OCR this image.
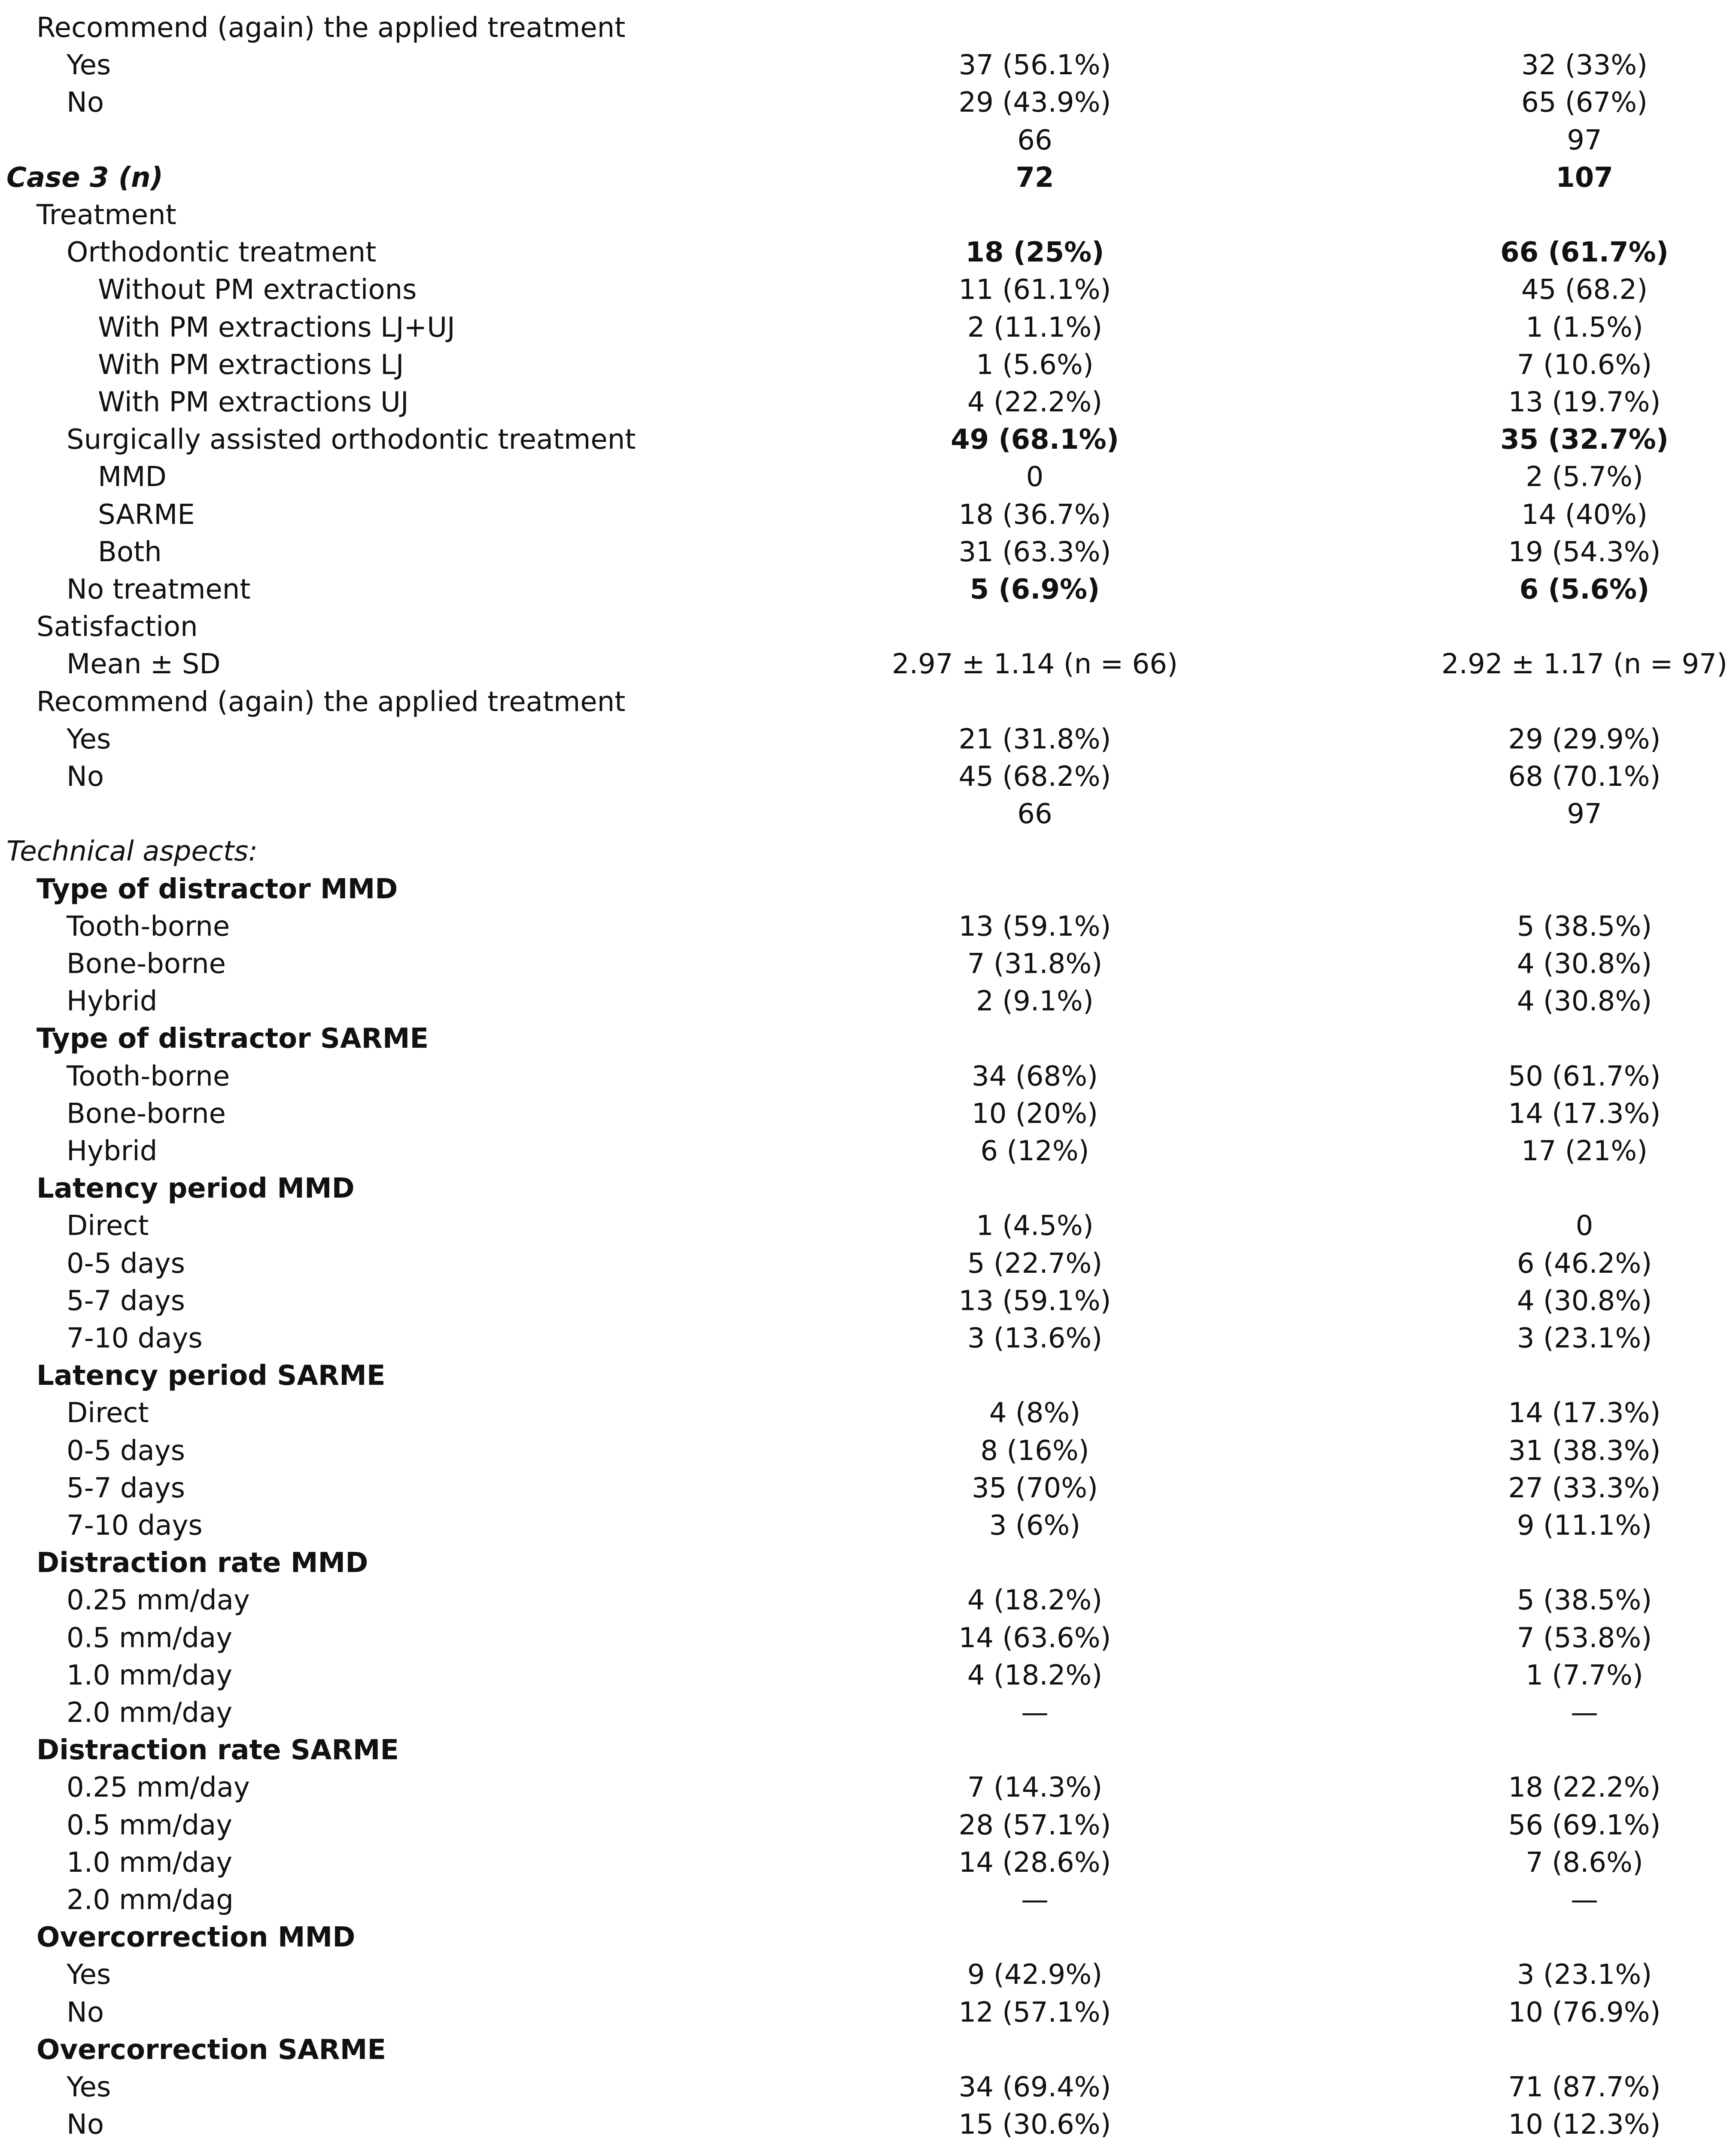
Recommend (again) the applied treatment
Yes	37 (56.1%)	32 (33%)
No	29 (43.9%)	65 (67%)
66	97
Case 3 (n)	72	107
Treatment
Orthodontic treatment	18 (25%)	66 (61.7%)
Without PM extractions	11 (61.1%)	45 (68.2)
With PM extractions LJ+UJ	2 (11.1%)	1 (1.5%)
With PM extractions LJ	1 (5.6%)	7 (10.6%)
With PM extractions UJ	4 (22.2%)	13 (19.7%)
Surgically assisted orthodontic treatment	49 (68.1%)	35 (32.7%)
MMD	0	2 (5.7%)
SARME	18 (36.7%)	14 (40%)
Both	31 (63.3%)	19 (54.3%)
No treatment	5 (6.9%)	6 (5.6%)
Satisfaction
Mean ± SD	2.97 ± 1.14 (n = 66)	2.92 ± 1.17 (n = 97)
Recommend (again) the applied treatment
Yes	21 (31.8%)	29 (29.9%)
No	45 (68.2%)	68 (70.1%)
66	97
Technical aspects:
Type of distractor MMD
Tooth-borne	13 (59.1%)	5 (38.5%)
Bone-borne	7 (31.8%)	4 (30.8%)
Hybrid	2 (9.1%)	4 (30.8%)
Type of distractor SARME
Tooth-borne	34 (68%)	50 (61.7%)
Bone-borne	10 (20%)	14 (17.3%)
Hybrid	6 (12%)	17 (21%)
Latency period MMD
Direct	1 (4.5%)	0
0-5 days	5 (22.7%)	6 (46.2%)
5-7 days	13 (59.1%)	4 (30.8%)
7-10 days	3 (13.6%)	3 (23.1%)
Latency period SARME
Direct	4 (8%)	14 (17.3%)
0-5 days	8 (16%)	31 (38.3%)
5-7 days	35 (70%)	27 (33.3%)
7-10 days	3 (6%)	9 (11.1%)
Distraction rate MMD
0.25 mm/day	4 (18.2%)	5 (38.5%)
0.5 mm/day	14 (63.6%)	7 (53.8%)
1.0 mm/day	4 (18.2%)	1 (7.7%)
2.0 mm/day	—	—
Distraction rate SARME
0.25 mm/day	7 (14.3%)	18 (22.2%)
0.5 mm/day	28 (57.1%)	56 (69.1%)
1.0 mm/day	14 (28.6%)	7 (8.6%)
2.0 mm/dag	—	—
Overcorrection MMD
Yes	9 (42.9%)	3 (23.1%)
No	12 (57.1%)	10 (76.9%)
Overcorrection SARME
Yes	34 (69.4%)	71 (87.7%)
No	15 (30.6%)	10 (12.3%)
